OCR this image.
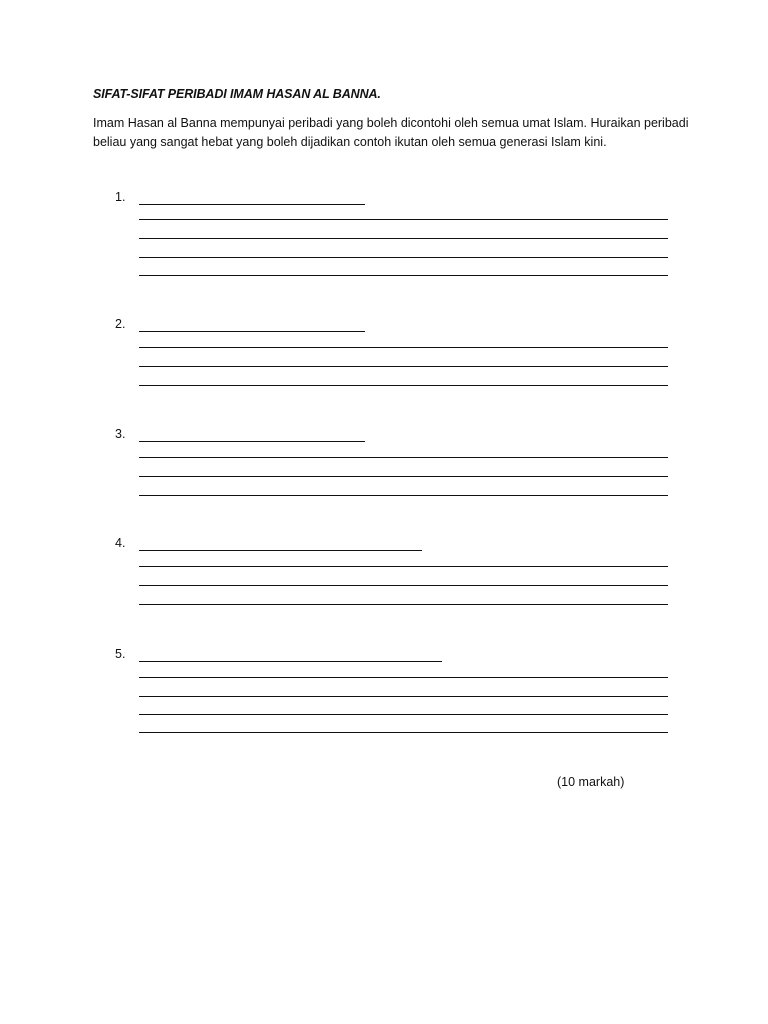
SIFAT-SIFAT PERIBADI IMAM HASAN AL BANNA.

Imam Hasan al Banna mempunyai peribadi yang boleh dicontohi oleh semua umat Islam. Huraikan peribadi beliau yang sangat hebat yang boleh dijadikan contoh ikutan oleh semua generasi Islam kini.

1.
2.
3.
4.
5.
(10 markah)
